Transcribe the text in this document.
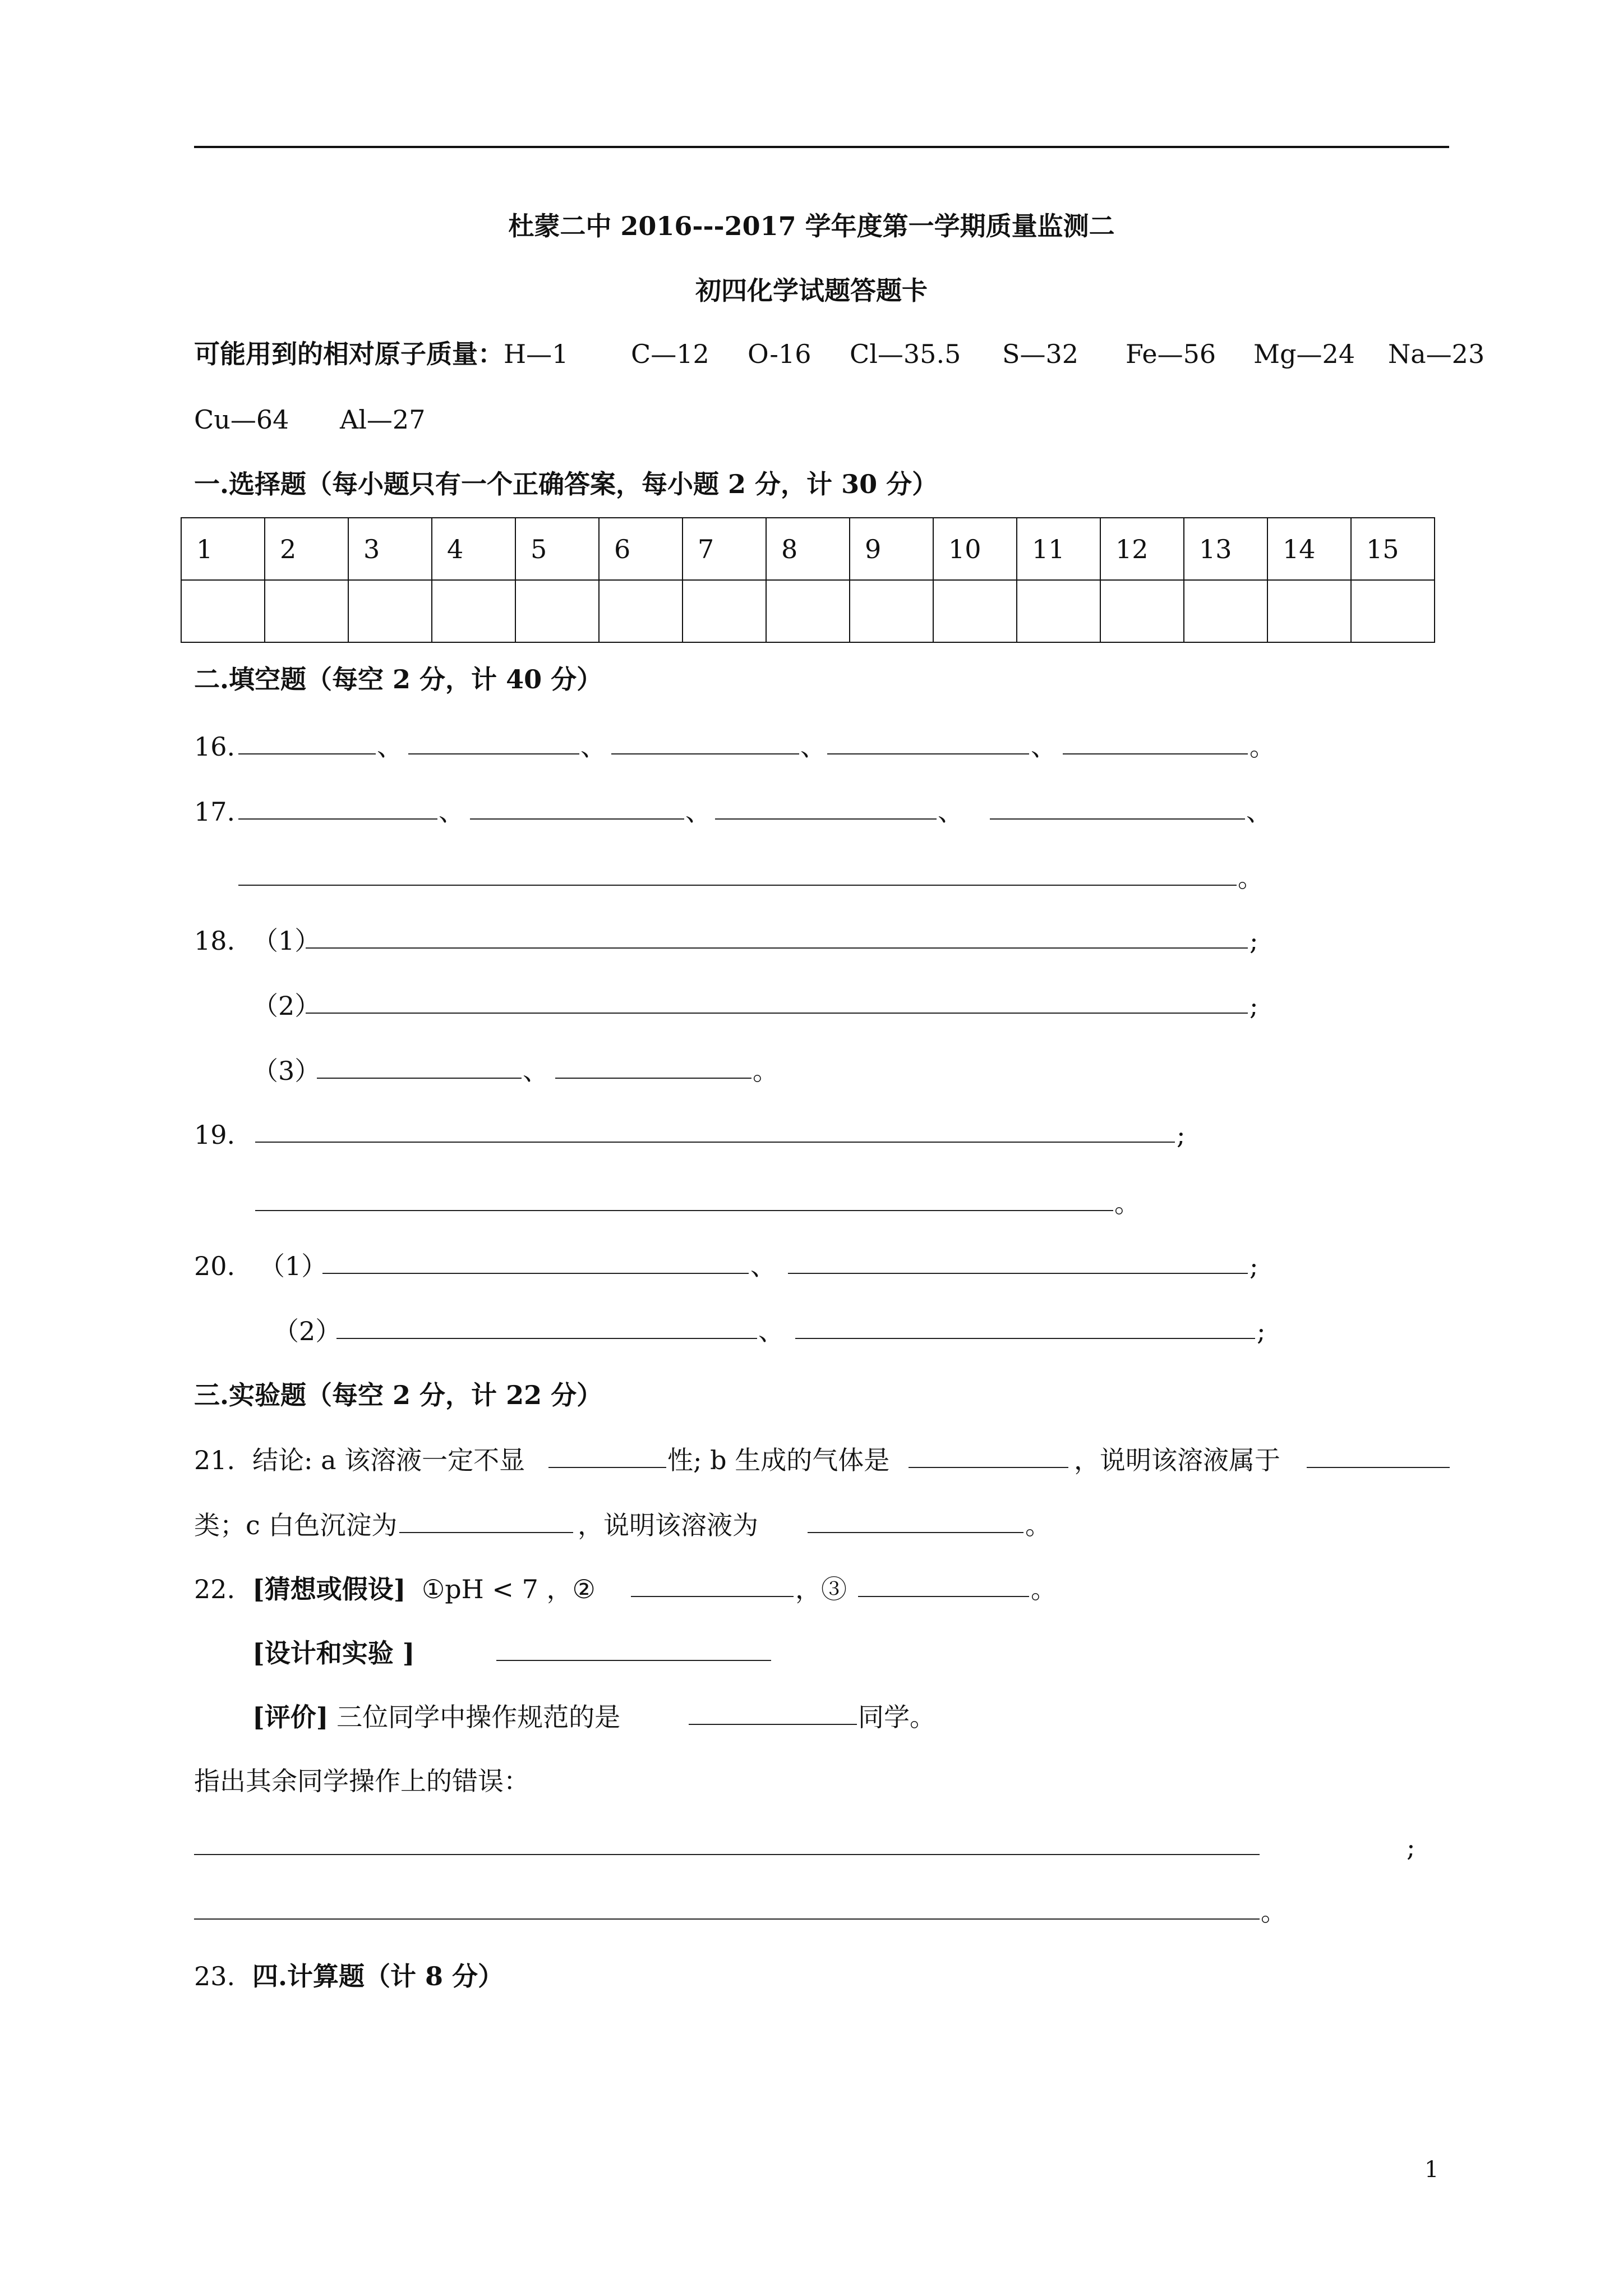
杜蒙二中 2016---2017 学年度第一学期质量监测二
初四化学试题答题卡
可能用到的相对原子质量：H—1 C—12 O-16 Cl—35.5 S—32 Fe—56 Mg—24 Na—23
Cu—64 Al—27
一.选择题（每小题只有一个正确答案，每小题 2 分，计 30 分）
1	2	3	4	5	6	7	8	9	10	11	12	13	14	15

二.填空题（每空 2 分，计 40 分）
16.	、	、	、	、	。
17.	、	、	、	、
。
18. （1）	;
（2）	;
（3）	、	。
19.	;
。
20. （1）	、	;
（2）	、	;
三.实验题（每空 2 分，计 22 分）
21. 结论: a 该溶液一定不显	性; b 生成的气体是	，说明该溶液属于
类；c 白色沉淀为	，说明该溶液为	。
22. [猜想或假设] ①pH < 7 ，②	，③	。
[设计和实验 ]
[评价] 三位同学中操作规范的是	同学。
指出其余同学操作上的错误：
;
。
23. 四.计算题（计 8 分）
1
